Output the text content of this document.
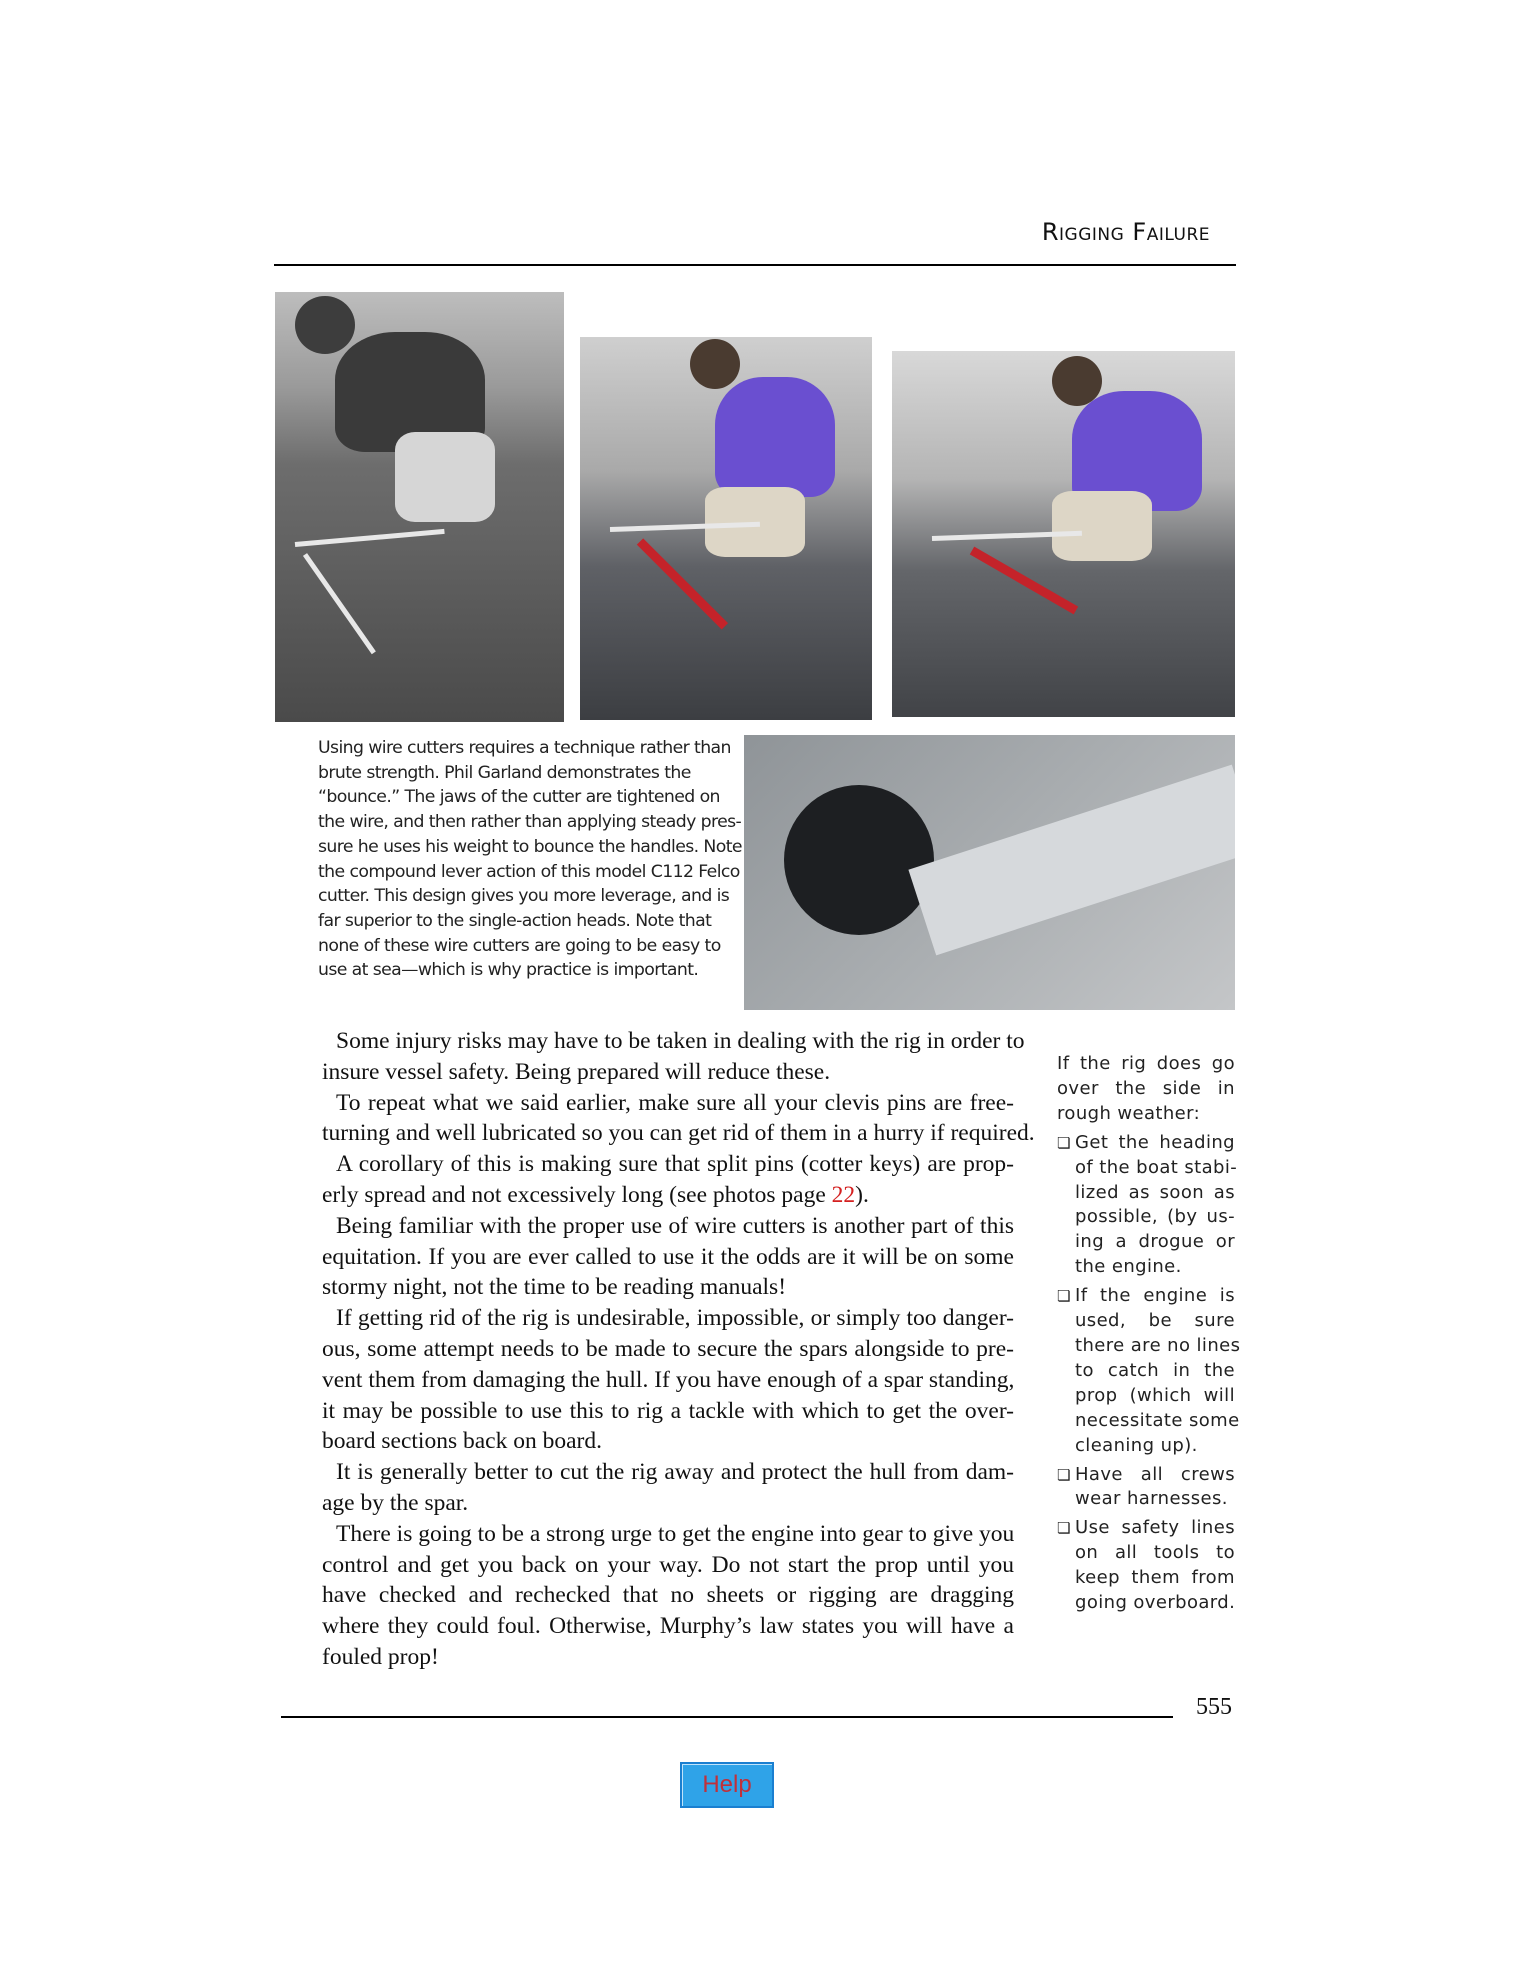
Rigging Failure
Using wire cutters requires a technique rather than
brute strength. Phil Garland demonstrates the
“bounce.” The jaws of the cutter are tightened on
the wire, and then rather than applying steady pres-
sure he uses his weight to bounce the handles. Note
the compound lever action of this model C112 Felco
cutter. This design gives you more leverage, and is
far superior to the single-action heads. Note that
none of these wire cutters are going to be easy to
use at sea—which is why practice is important.
Some injury risks may have to be taken in dealing with the rig in order to
insure vessel safety. Being prepared will reduce these.
To repeat what we said earlier, make sure all your clevis pins are free-
turning and well lubricated so you can get rid of them in a hurry if required.
A corollary of this is making sure that split pins (cotter keys) are prop-
erly spread and not excessively long (see photos page 22).
Being familiar with the proper use of wire cutters is another part of this
equitation. If you are ever called to use it the odds are it will be on some
stormy night, not the time to be reading manuals!
If getting rid of the rig is undesirable, impossible, or simply too danger-
ous, some attempt needs to be made to secure the spars alongside to pre-
vent them from damaging the hull. If you have enough of a spar standing,
it may be possible to use this to rig a tackle with which to get the over-
board sections back on board.
It is generally better to cut the rig away and protect the hull from dam-
age by the spar.
There is going to be a strong urge to get the engine into gear to give you
control and get you back on your way. Do not start the prop until you
have checked and rechecked that no sheets or rigging are dragging
where they could foul. Otherwise, Murphy’s law states you will have a
fouled prop!
If the rig does go
over the side in
rough weather:
❏ Get the heading
of the boat stabi-
lized as soon as
possible, (by us-
ing a drogue or
the engine.
❏ If the engine is
used, be sure
there are no lines
to catch in the
prop (which will
necessitate some
cleaning up).
❏ Have all crews
wear harnesses.
❏ Use safety lines
on all tools to
keep them from
going overboard.
555
Help
